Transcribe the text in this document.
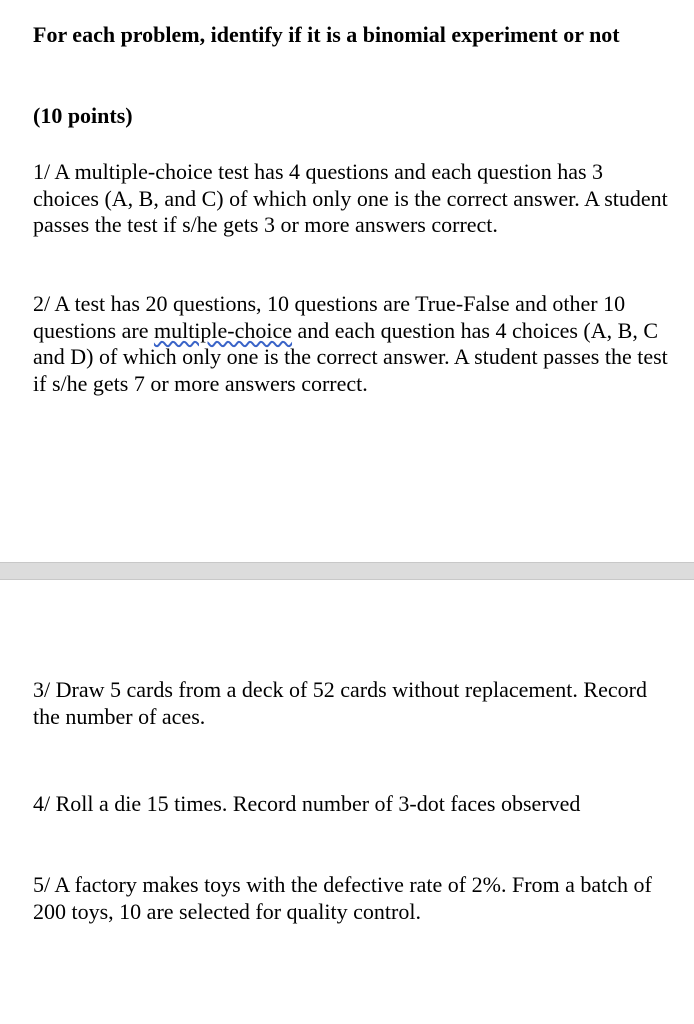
For each problem, identify if it is a binomial experiment or not

(10 points)

1/ A multiple-choice test has 4 questions and each question has 3 choices (A, B, and C) of which only one is the correct answer. A student passes the test if s/he gets 3 or more answers correct.

2/ A test has 20 questions, 10 questions are True-False and other 10 questions are multiple-choice and each question has 4 choices (A, B, C and D) of which only one is the correct answer. A student passes the test if s/he gets 7 or more answers correct.

3/ Draw 5 cards from a deck of 52 cards without replacement. Record the number of aces.

4/ Roll a die 15 times. Record number of 3-dot faces observed

5/ A factory makes toys with the defective rate of 2%. From a batch of 200 toys, 10 are selected for quality control.
